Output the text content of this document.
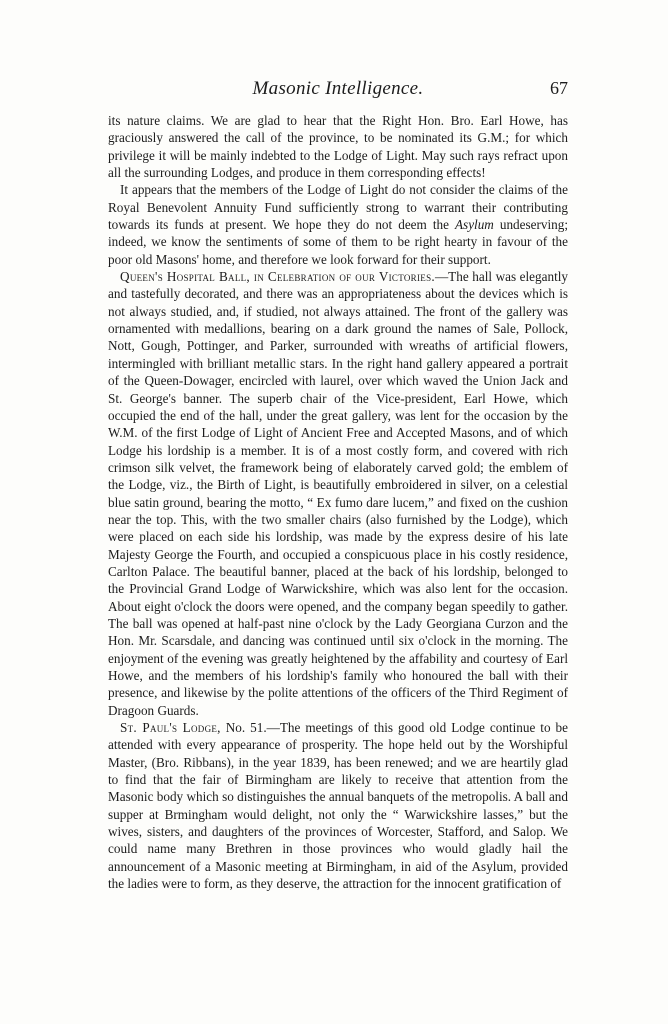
Masonic Intelligence.	67

its nature claims. We are glad to hear that the Right Hon. Bro. Earl Howe, has graciously answered the call of the province, to be nominated its G.M.; for which privilege it will be mainly indebted to the Lodge of Light. May such rays refract upon all the surrounding Lodges, and produce in them corresponding effects!

It appears that the members of the Lodge of Light do not consider the claims of the Royal Benevolent Annuity Fund sufficiently strong to warrant their contributing towards its funds at present. We hope they do not deem the Asylum undeserving; indeed, we know the sentiments of some of them to be right hearty in favour of the poor old Masons' home, and therefore we look forward for their support.

Queen's Hospital Ball, in Celebration of our Victories.—The hall was elegantly and tastefully decorated, and there was an appropriateness about the devices which is not always studied, and, if studied, not always attained. The front of the gallery was ornamented with medallions, bearing on a dark ground the names of Sale, Pollock, Nott, Gough, Pottinger, and Parker, surrounded with wreaths of artificial flowers, intermingled with brilliant metallic stars. In the right hand gallery appeared a portrait of the Queen-Dowager, encircled with laurel, over which waved the Union Jack and St. George's banner. The superb chair of the Vice-president, Earl Howe, which occupied the end of the hall, under the great gallery, was lent for the occasion by the W.M. of the first Lodge of Light of Ancient Free and Accepted Masons, and of which Lodge his lordship is a member. It is of a most costly form, and covered with rich crimson silk velvet, the framework being of elaborately carved gold; the emblem of the Lodge, viz., the Birth of Light, is beautifully embroidered in silver, on a celestial blue satin ground, bearing the motto, “ Ex fumo dare lucem,” and fixed on the cushion near the top. This, with the two smaller chairs (also furnished by the Lodge), which were placed on each side his lordship, was made by the express desire of his late Majesty George the Fourth, and occupied a conspicuous place in his costly residence, Carlton Palace. The beautiful banner, placed at the back of his lordship, belonged to the Provincial Grand Lodge of Warwickshire, which was also lent for the occasion. About eight o'clock the doors were opened, and the company began speedily to gather. The ball was opened at half-past nine o'clock by the Lady Georgiana Curzon and the Hon. Mr. Scarsdale, and dancing was continued until six o'clock in the morning. The enjoyment of the evening was greatly heightened by the affability and courtesy of Earl Howe, and the members of his lordship's family who honoured the ball with their presence, and likewise by the polite attentions of the officers of the Third Regiment of Dragoon Guards.

St. Paul's Lodge, No. 51.—The meetings of this good old Lodge continue to be attended with every appearance of prosperity. The hope held out by the Worshipful Master, (Bro. Ribbans), in the year 1839, has been renewed; and we are heartily glad to find that the fair of Birmingham are likely to receive that attention from the Masonic body which so distinguishes the annual banquets of the metropolis. A ball and supper at Brmingham would delight, not only the “ Warwickshire lasses,” but the wives, sisters, and daughters of the provinces of Worcester, Stafford, and Salop. We could name many Brethren in those provinces who would gladly hail the announcement of a Masonic meeting at Birmingham, in aid of the Asylum, provided the ladies were to form, as they deserve, the attraction for the innocent gratification of
